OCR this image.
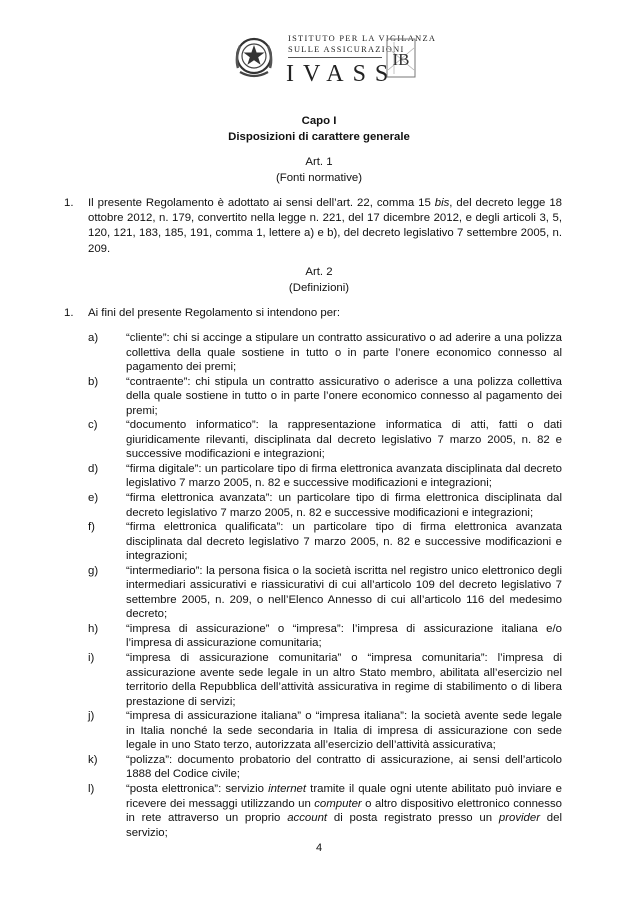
ISTITUTO PER LA VIGILANZA
SULLE ASSICURAZIONI
IVASS
IB
Capo I
Disposizioni di carattere generale
Art. 1
(Fonti normative)
1. Il presente Regolamento è adottato ai sensi dell’art. 22, comma 15 bis, del decreto legge 18 ottobre 2012, n. 179, convertito nella legge n. 221, del 17 dicembre 2012, e degli articoli 3, 5, 120, 121, 183, 185, 191, comma 1, lettere a) e b), del decreto legislativo 7 settembre 2005, n. 209.
Art. 2
(Definizioni)
1. Ai fini del presente Regolamento si intendono per:
a) “cliente”: chi si accinge a stipulare un contratto assicurativo o ad aderire a una polizza collettiva della quale sostiene in tutto o in parte l’onere economico connesso al pagamento dei premi;
b) “contraente”: chi stipula un contratto assicurativo o aderisce a una polizza collettiva della quale sostiene in tutto o in parte l’onere economico connesso al pagamento dei premi;
c)	“documento informatico”: la rappresentazione informatica di atti, fatti o dati giuridicamente rilevanti, disciplinata dal decreto legislativo 7 marzo 2005, n. 82 e successive modificazioni e integrazioni;
d) “firma digitale”: un particolare tipo di firma elettronica avanzata disciplinata dal decreto legislativo 7 marzo 2005, n. 82 e successive modificazioni e integrazioni;
e) “firma elettronica avanzata”: un particolare tipo di firma elettronica disciplinata dal decreto legislativo 7 marzo 2005, n. 82 e successive modificazioni e integrazioni;
f)	“firma elettronica qualificata”: un particolare tipo di firma elettronica avanzata disciplinata dal decreto legislativo 7 marzo 2005, n. 82 e successive modificazioni e integrazioni;
g) “intermediario”: la persona fisica o la società iscritta nel registro unico elettronico degli intermediari assicurativi e riassicurativi di cui all’articolo 109 del decreto legislativo 7 settembre 2005, n. 209, o nell’Elenco Annesso di cui all’articolo 116 del medesimo decreto;
h) “impresa di assicurazione” o “impresa”: l’impresa di assicurazione italiana e/o l’impresa di assicurazione comunitaria;
i)	“impresa di assicurazione comunitaria” o “impresa comunitaria”: l’impresa di assicurazione avente sede legale in un altro Stato membro, abilitata all’esercizio nel territorio della Repubblica dell’attività assicurativa in regime di stabilimento o di libera prestazione di servizi;
j)	“impresa di assicurazione italiana” o “impresa italiana”: la società avente sede legale in Italia nonché la sede secondaria in Italia di impresa di assicurazione con sede legale in uno Stato terzo, autorizzata all’esercizio dell’attività assicurativa;
k)	“polizza”: documento probatorio del contratto di assicurazione, ai sensi dell’articolo 1888 del Codice civile;
l)	“posta elettronica”: servizio internet tramite il quale ogni utente abilitato può inviare e ricevere dei messaggi utilizzando un computer o altro dispositivo elettronico connesso in rete attraverso un proprio account di posta registrato presso un provider del servizio;
4
